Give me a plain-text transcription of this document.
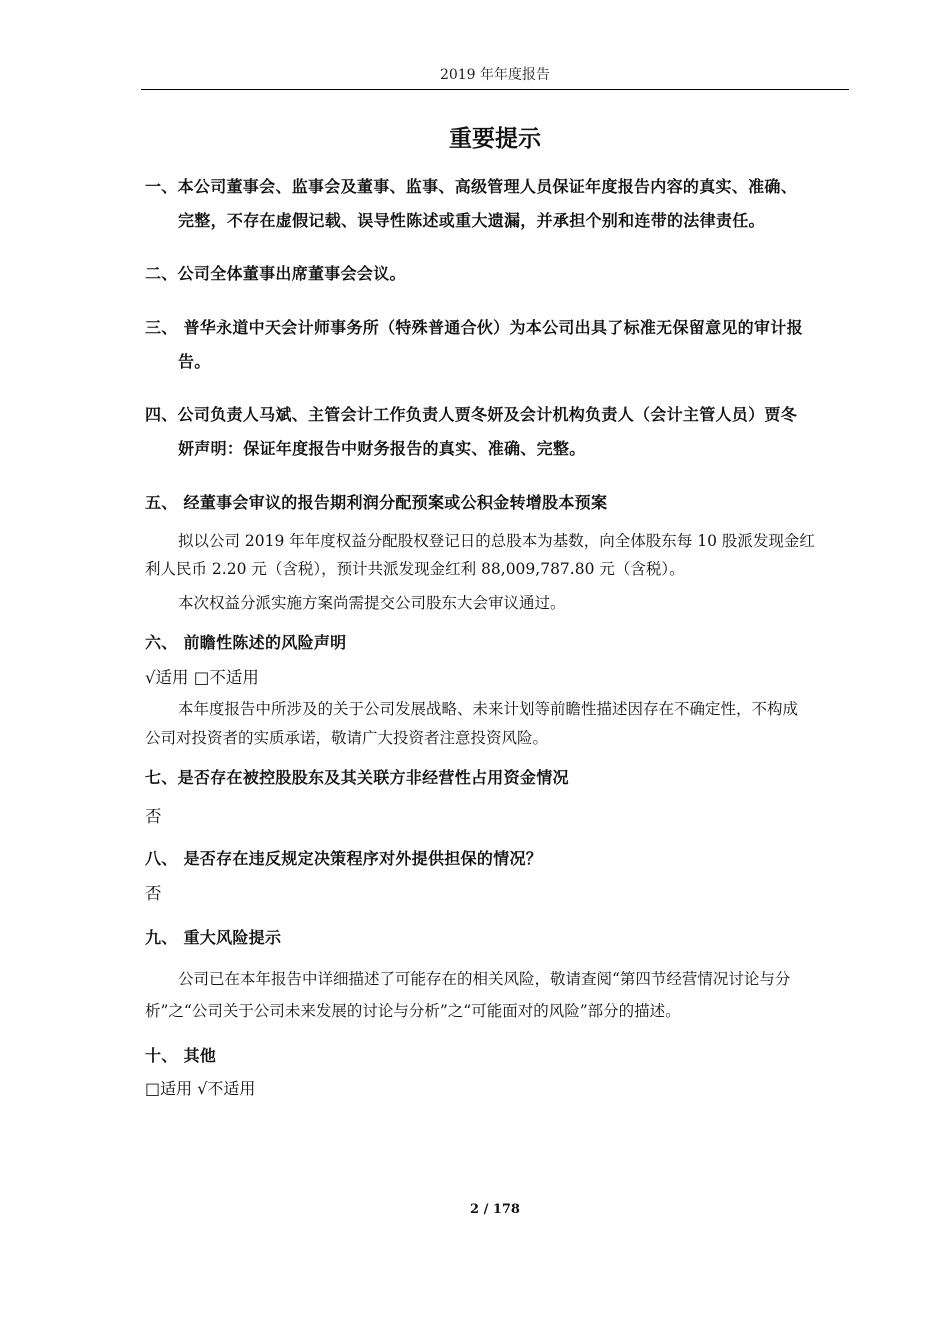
2019 年年度报告
重要提示
一、本公司董事会、监事会及董事、监事、高级管理人员保证年度报告内容的真实、准确、
完整，不存在虚假记载、误导性陈述或重大遗漏，并承担个别和连带的法律责任。
二、公司全体董事出席董事会会议。
三、 普华永道中天会计师事务所（特殊普通合伙）为本公司出具了标准无保留意见的审计报
告。
四、公司负责人马斌、主管会计工作负责人贾冬妍及会计机构负责人（会计主管人员）贾冬
妍声明：保证年度报告中财务报告的真实、准确、完整。
五、 经董事会审议的报告期利润分配预案或公积金转增股本预案
拟以公司 2019 年年度权益分配股权登记日的总股本为基数，向全体股东每 10 股派发现金红
利人民币 2.20 元（含税），预计共派发现金红利 88,009,787.80 元（含税）。
本次权益分派实施方案尚需提交公司股东大会审议通过。
六、 前瞻性陈述的风险声明
√适用 □不适用
本年度报告中所涉及的关于公司发展战略、未来计划等前瞻性描述因存在不确定性，不构成
公司对投资者的实质承诺，敬请广大投资者注意投资风险。
七、是否存在被控股股东及其关联方非经营性占用资金情况
否
八、 是否存在违反规定决策程序对外提供担保的情况？
否
九、 重大风险提示
公司已在本年报告中详细描述了可能存在的相关风险，敬请查阅“第四节经营情况讨论与分
析”之“公司关于公司未来发展的讨论与分析”之“可能面对的风险”部分的描述。
十、 其他
□适用 √不适用
2 / 178
